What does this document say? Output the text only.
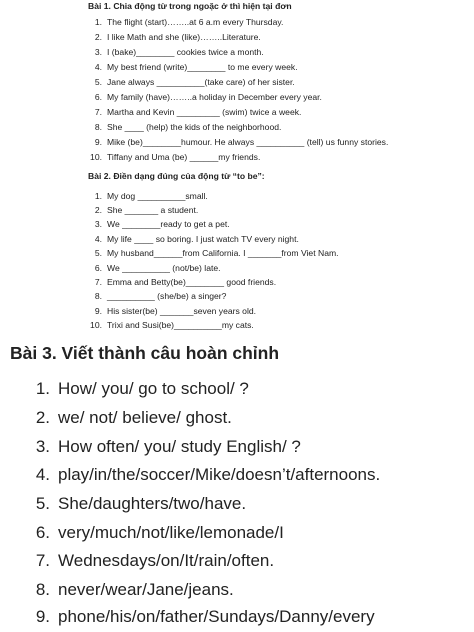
Bài 1. Chia động từ trong ngoặc ở thì hiện tại đơn
1. The flight (start)……..at 6 a.m every Thursday.
2. I like Math and she (like)……..Literature.
3. I (bake)________ cookies twice a month.
4. My best friend (write)________ to me every week.
5. Jane always __________(take care) of her sister.
6. My family (have)……..a holiday in December every year.
7. Martha and Kevin _________ (swim) twice a week.
8. She ____ (help) the kids of the neighborhood.
9. Mike (be)________humour. He always __________ (tell) us funny stories.
10. Tiffany and Uma (be) ______my friends.
Bài 2. Điền dạng đúng của động từ “to be”:
1. My dog __________small.
2. She _______ a student.
3. We ________ready to get a pet.
4. My life ____ so boring. I just watch TV every night.
5. My husband______from California. I _______from Viet Nam.
6. We __________ (not/be) late.
7. Emma and Betty(be)________ good friends.
8. __________ (she/be) a singer?
9. His sister(be) _______seven years old.
10. Trixi and Susi(be)__________my cats.
Bài 3. Viết thành câu hoàn chỉnh
1. How/ you/ go to school/ ?
2. we/ not/ believe/ ghost.
3. How often/ you/ study English/ ?
4. play/in/the/soccer/Mike/doesn’t/afternoons.
5. She/daughters/two/have.
6. very/much/not/like/lemonade/I
7. Wednesdays/on/It/rain/often.
8. never/wear/Jane/jeans.
9. phone/his/on/father/Sundays/Danny/every
